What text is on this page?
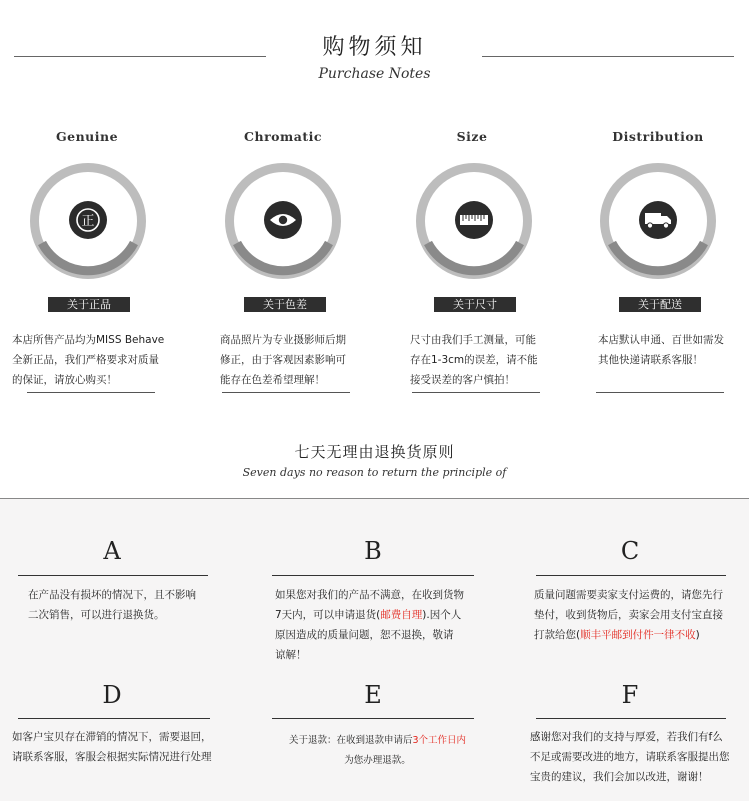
购物须知
Purchase Notes
Genuine
正
关于正品
本店所售产品均为MISS Behave
全新正品，我们严格要求对质量
的保证，请放心购买！
Chromatic
关于色差
商品照片为专业摄影师后期
修正，由于客观因素影响可
能存在色差希望理解！
Size
关于尺寸
尺寸由我们手工测量，可能
存在1-3cm的误差，请不能
接受误差的客户慎拍！
Distribution
关于配送
本店默认申通、百世如需发
其他快递请联系客服！
七天无理由退换货原则
Seven days no reason to return the principle of
A
在产品没有损坏的情况下，且不影响
二次销售，可以进行退换货。
B
如果您对我们的产品不满意，在收到货物
7天内，可以申请退货(邮费自理).因个人
原因造成的质量问题，恕不退换，敬请
谅解！
C
质量问题需要卖家支付运费的，请您先行
垫付，收到货物后，卖家会用支付宝直接
打款给您(顺丰平邮到付件一律不收)
D
如客户宝贝存在滞销的情况下，需要退回，
请联系客服，客服会根据实际情况进行处理
E
关于退款：在收到退款申请后3个工作日内
为您办理退款。
F
感谢您对我们的支持与厚爱，若我们有f么
不足或需要改进的地方，请联系客服提出您
宝贵的建议，我们会加以改进，谢谢！
